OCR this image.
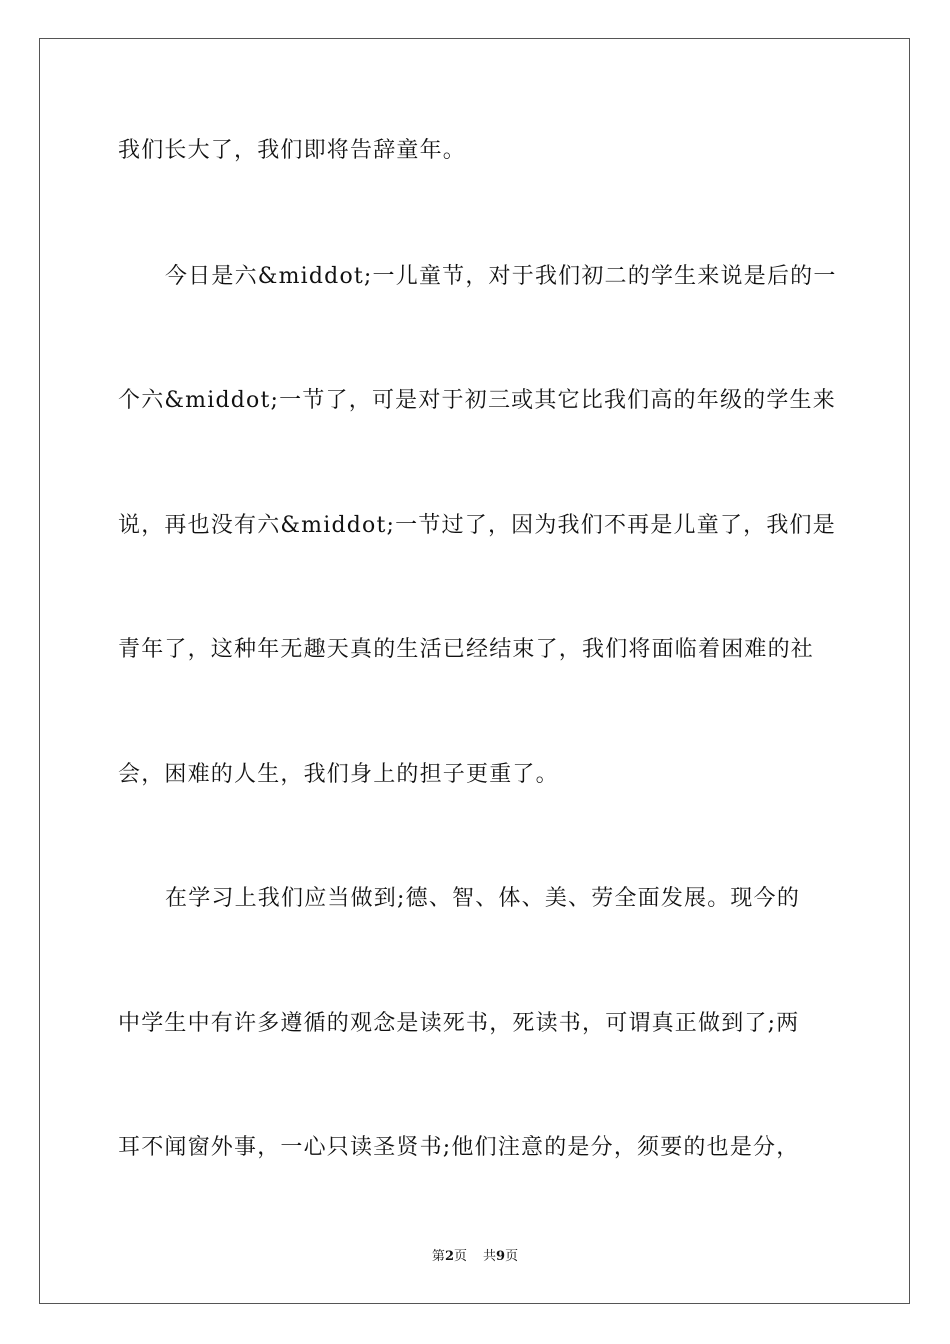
我们长大了，我们即将告辞童年。
今日是六&middot;一儿童节，对于我们初二的学生来说是后的一
个六&middot;一节了，可是对于初三或其它比我们高的年级的学生来
说，再也没有六&middot;一节过了，因为我们不再是儿童了，我们是
青年了，这种年无趣天真的生活已经结束了，我们将面临着困难的社
会，困难的人生，我们身上的担子更重了。
在学习上我们应当做到;德、智、体、美、劳全面发展。现今的
中学生中有许多遵循的观念是读死书，死读书，可谓真正做到了;两
耳不闻窗外事，一心只读圣贤书;他们注意的是分，须要的也是分，
第2页 共9页
